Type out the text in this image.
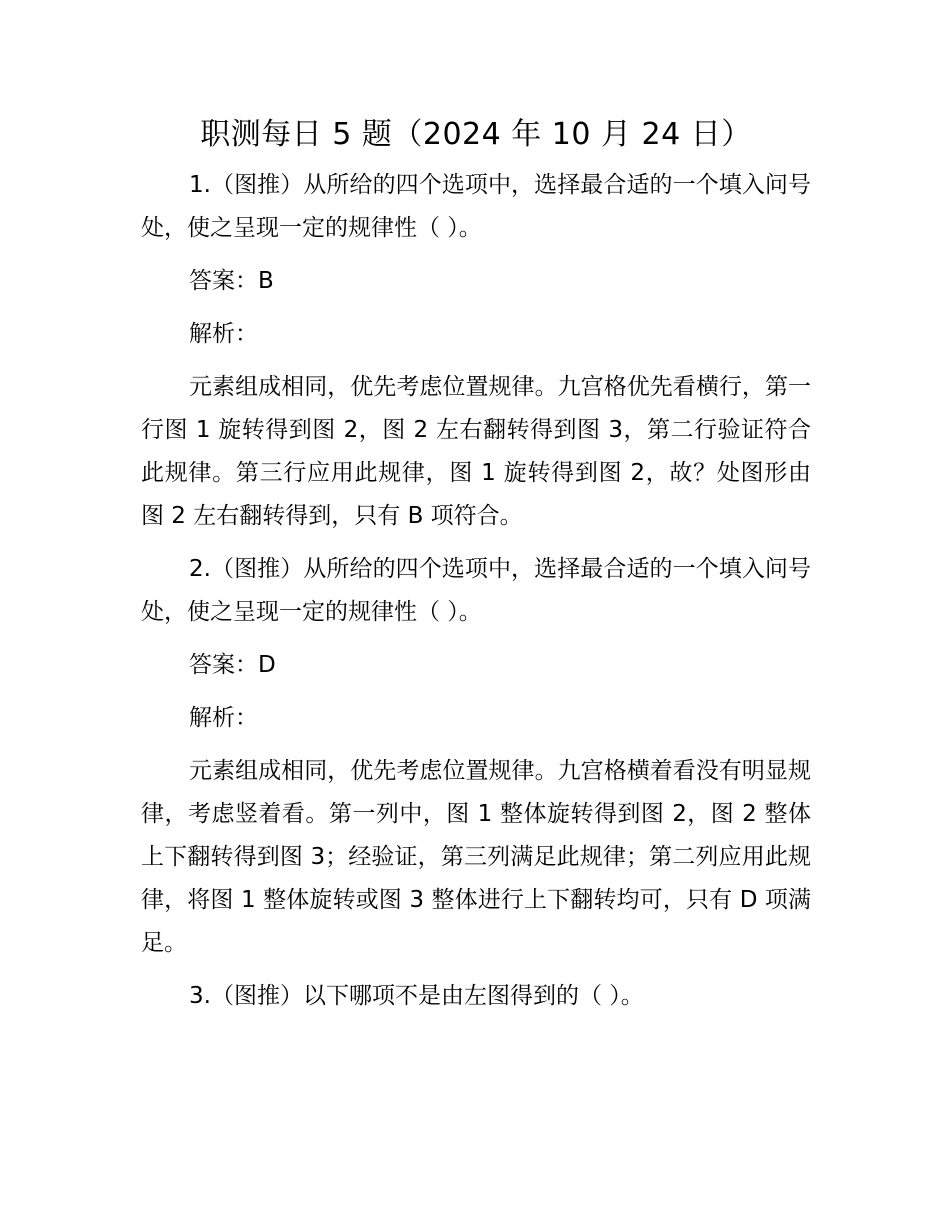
职测每日 5 题（2024 年 10 月 24 日）

1.（图推）从所给的四个选项中，选择最合适的一个填入问号处，使之呈现一定的规律性（ ）。

答案：B

解析：

元素组成相同，优先考虑位置规律。九宫格优先看横行，第一行图 1 旋转得到图 2，图 2 左右翻转得到图 3，第二行验证符合此规律。第三行应用此规律，图 1 旋转得到图 2，故？处图形由图 2 左右翻转得到，只有 B 项符合。

2.（图推）从所给的四个选项中，选择最合适的一个填入问号处，使之呈现一定的规律性（ ）。

答案：D

解析：

元素组成相同，优先考虑位置规律。九宫格横着看没有明显规律，考虑竖着看。第一列中，图 1 整体旋转得到图 2，图 2 整体上下翻转得到图 3；经验证，第三列满足此规律；第二列应用此规律，将图 1 整体旋转或图 3 整体进行上下翻转均可，只有 D 项满足。

3.（图推）以下哪项不是由左图得到的（ ）。
